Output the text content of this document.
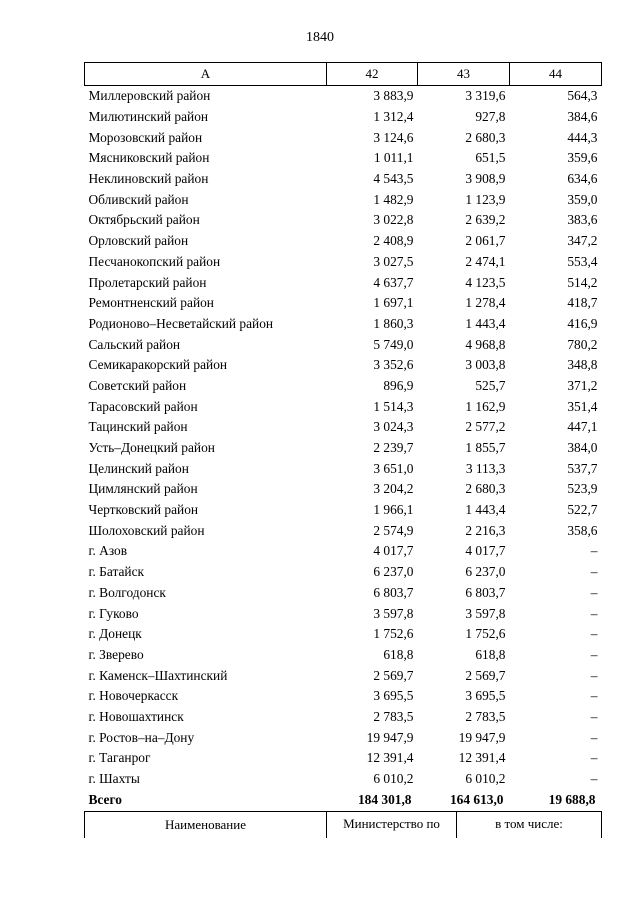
1840
А	42	43	44
Миллеровский район	3 883,9	3 319,6	564,3
Милютинский район	1 312,4	927,8	384,6
Морозовский район	3 124,6	2 680,3	444,3
Мясниковский район	1 011,1	651,5	359,6
Неклиновский район	4 543,5	3 908,9	634,6
Обливский район	1 482,9	1 123,9	359,0
Октябрьский район	3 022,8	2 639,2	383,6
Орловский район	2 408,9	2 061,7	347,2
Песчанокопский район	3 027,5	2 474,1	553,4
Пролетарский район	4 637,7	4 123,5	514,2
Ремонтненский район	1 697,1	1 278,4	418,7
Родионово–Несветайский район	1 860,3	1 443,4	416,9
Сальский район	5 749,0	4 968,8	780,2
Семикаракорский район	3 352,6	3 003,8	348,8
Советский район	896,9	525,7	371,2
Тарасовский район	1 514,3	1 162,9	351,4
Тацинский район	3 024,3	2 577,2	447,1
Усть–Донецкий район	2 239,7	1 855,7	384,0
Целинский район	3 651,0	3 113,3	537,7
Цимлянский район	3 204,2	2 680,3	523,9
Чертковский район	1 966,1	1 443,4	522,7
Шолоховский район	2 574,9	2 216,3	358,6
г. Азов	4 017,7	4 017,7	–
г. Батайск	6 237,0	6 237,0	–
г. Волгодонск	6 803,7	6 803,7	–
г. Гуково	3 597,8	3 597,8	–
г. Донецк	1 752,6	1 752,6	–
г. Зверево	618,8	618,8	–
г. Каменск–Шахтинский	2 569,7	2 569,7	–
г. Новочеркасск	3 695,5	3 695,5	–
г. Новошахтинск	2 783,5	2 783,5	–
г. Ростов–на–Дону	19 947,9	19 947,9	–
г. Таганрог	12 391,4	12 391,4	–
г. Шахты	6 010,2	6 010,2	–
Всего	184 301,8	164 613,0	19 688,8
Наименование	Министерство по	в том числе:
